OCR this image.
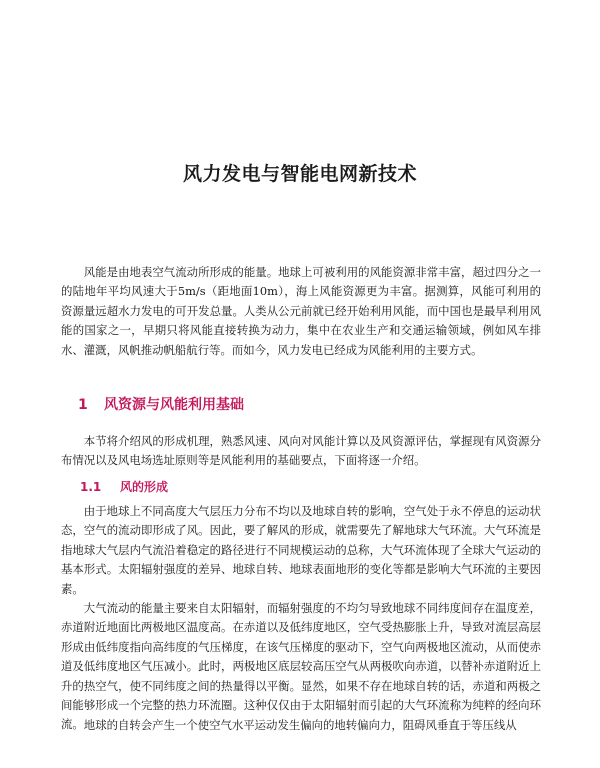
风力发电与智能电网新技术

风能是由地表空气流动所形成的能量。地球上可被利用的风能资源非常丰富，超过四分之一的陆地年平均风速大于5m/s（距地面10m），海上风能资源更为丰富。据测算，风能可利用的资源量远超水力发电的可开发总量。人类从公元前就已经开始利用风能，而中国也是最早利用风能的国家之一，早期只将风能直接转换为动力，集中在农业生产和交通运输领域，例如风车排水、灌溉，风帆推动帆船航行等。而如今，风力发电已经成为风能利用的主要方式。

1 风资源与风能利用基础

本节将介绍风的形成机理，熟悉风速、风向对风能计算以及风资源评估，掌握现有风资源分布情况以及风电场选址原则等是风能利用的基础要点，下面将逐一介绍。

1.1 风的形成

由于地球上不同高度大气层压力分布不均以及地球自转的影响，空气处于永不停息的运动状态，空气的流动即形成了风。因此，要了解风的形成，就需要先了解地球大气环流。大气环流是指地球大气层内气流沿着稳定的路径进行不同规模运动的总称，大气环流体现了全球大气运动的基本形式。太阳辐射强度的差异、地球自转、地球表面地形的变化等都是影响大气环流的主要因素。

大气流动的能量主要来自太阳辐射，而辐射强度的不均匀导致地球不同纬度间存在温度差，赤道附近地面比两极地区温度高。在赤道以及低纬度地区，空气受热膨胀上升，导致对流层高层形成由低纬度指向高纬度的气压梯度，在该气压梯度的驱动下，空气向两极地区流动，从而使赤道及低纬度地区气压减小。此时，两极地区底层较高压空气从两极吹向赤道，以替补赤道附近上升的热空气，使不同纬度之间的热量得以平衡。显然，如果不存在地球自转的话，赤道和两极之间能够形成一个完整的热力环流圈。这种仅仅由于太阳辐射而引起的大气环流称为纯粹的经向环流。 地球的自转会产生一个使空气水平运动发生偏向的地转偏向力，阻碍风垂直于等压线从
